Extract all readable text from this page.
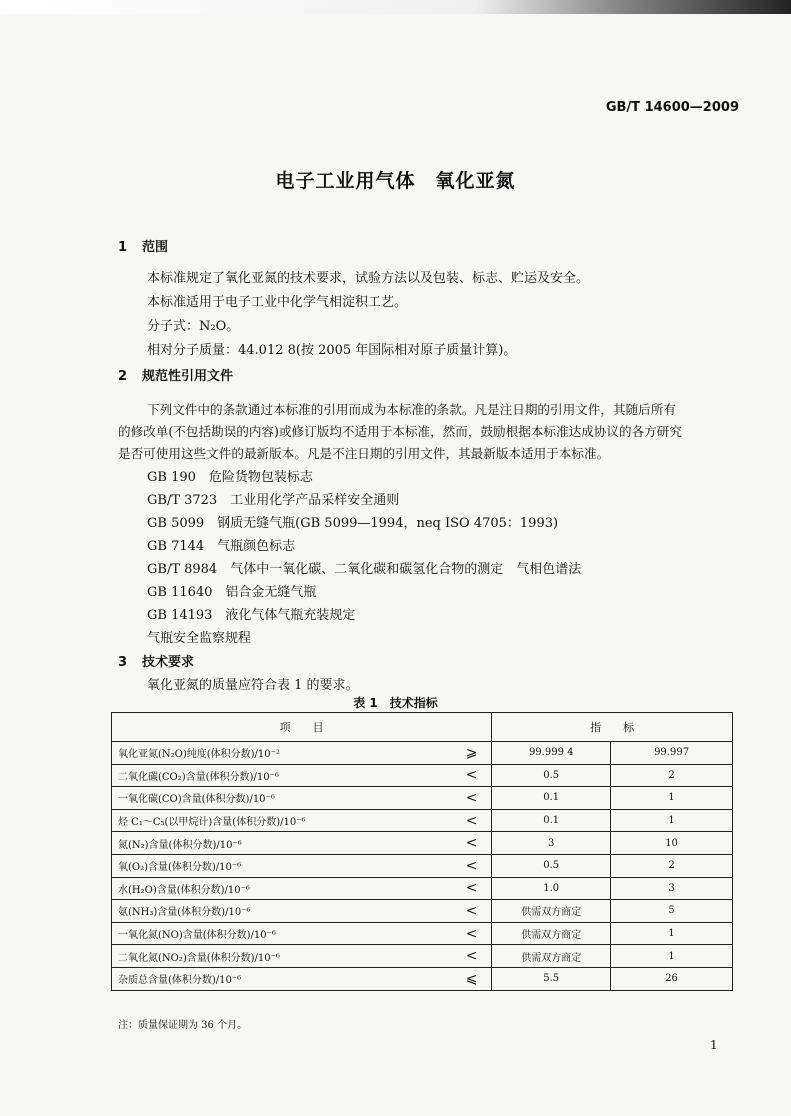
GB/T 14600—2009
电子工业用气体　氧化亚氮
1 范围
本标准规定了氧化亚氮的技术要求，试验方法以及包装、标志、贮运及安全。
本标准适用于电子工业中化学气相淀积工艺。
分子式：N₂O。
相对分子质量：44.012 8(按 2005 年国际相对原子质量计算)。
2 规范性引用文件
下列文件中的条款通过本标准的引用而成为本标准的条款。凡是注日期的引用文件，其随后所有
的修改单(不包括勘误的内容)或修订版均不适用于本标准，然而，鼓励根据本标准达成协议的各方研究
是否可使用这些文件的最新版本。凡是不注日期的引用文件，其最新版本适用于本标准。
GB 190　危险货物包装标志
GB/T 3723　工业用化学产品采样安全通则
GB 5099　钢质无缝气瓶(GB 5099—1994，neq ISO 4705：1993)
GB 7144　气瓶颜色标志
GB/T 8984　气体中一氧化碳、二氧化碳和碳氢化合物的测定　气相色谱法
GB 11640　铝合金无缝气瓶
GB 14193　液化气体气瓶充装规定
气瓶安全监察规程
3 技术要求
氧化亚氮的质量应符合表 1 的要求。
表 1　技术指标
项　　目		指　　标	
氧化亚氮(N₂O)纯度(体积分数)/10⁻²	⩾	99.999 4	99.997
二氧化碳(CO₂)含量(体积分数)/10⁻⁶	<	0.5	2
一氧化碳(CO)含量(体积分数)/10⁻⁶	<	0.1	1
烃 C₁～C₅(以甲烷计)含量(体积分数)/10⁻⁶	<	0.1	1
氮(N₂)含量(体积分数)/10⁻⁶	<	3	10
氧(O₂)含量(体积分数)/10⁻⁶	<	0.5	2
水(H₂O)含量(体积分数)/10⁻⁶	<	1.0	3
氨(NH₃)含量(体积分数)/10⁻⁶	<	供需双方商定	5
一氧化氮(NO)含量(体积分数)/10⁻⁶	<	供需双方商定	1
二氧化氮(NO₂)含量(体积分数)/10⁻⁶	<	供需双方商定	1
杂质总含量(体积分数)/10⁻⁶	⩽	5.5	26
注：质量保证期为 36 个月。
1
